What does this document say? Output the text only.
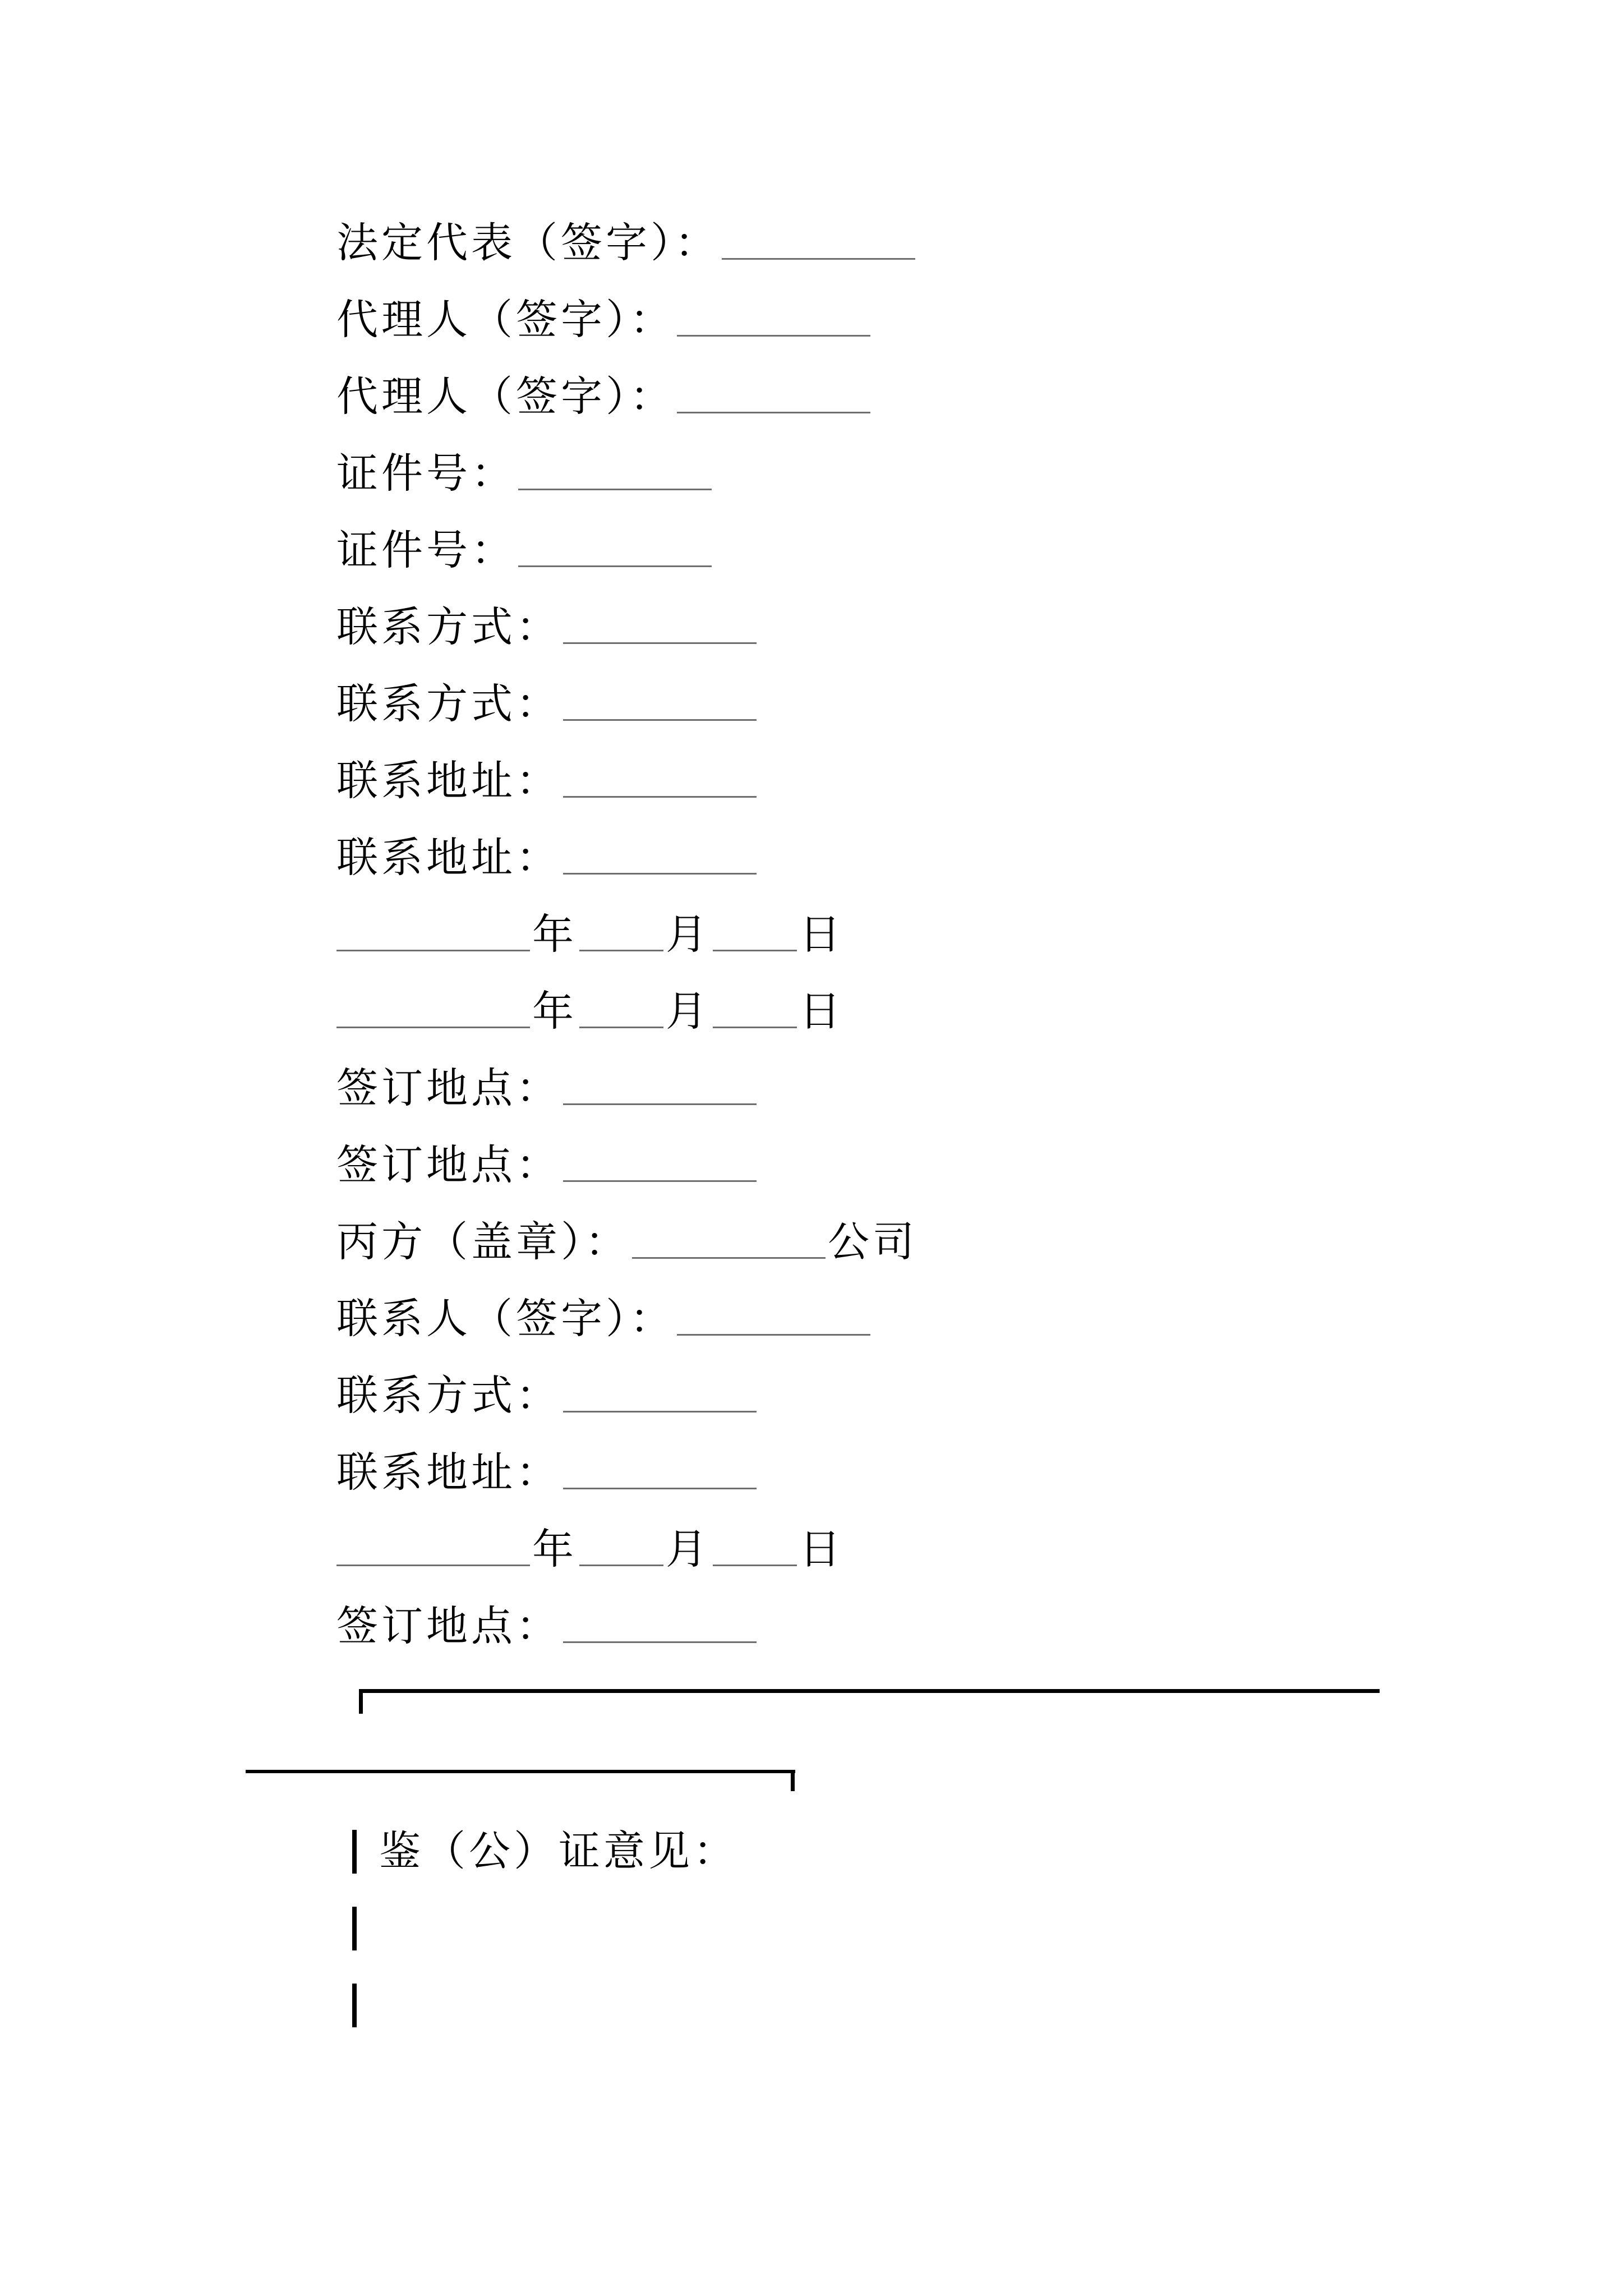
法定代表（签字）：
代理人（签字）：
代理人（签字）：
证件号：
证件号：
联系方式：
联系方式：
联系地址：
联系地址：
年 月 日
年 月 日
签订地点：
签订地点：
丙方（盖章）：	公司
联系人（签字）：
联系方式：
联系地址：
年 月 日
签订地点：
鉴（公）证意见：
